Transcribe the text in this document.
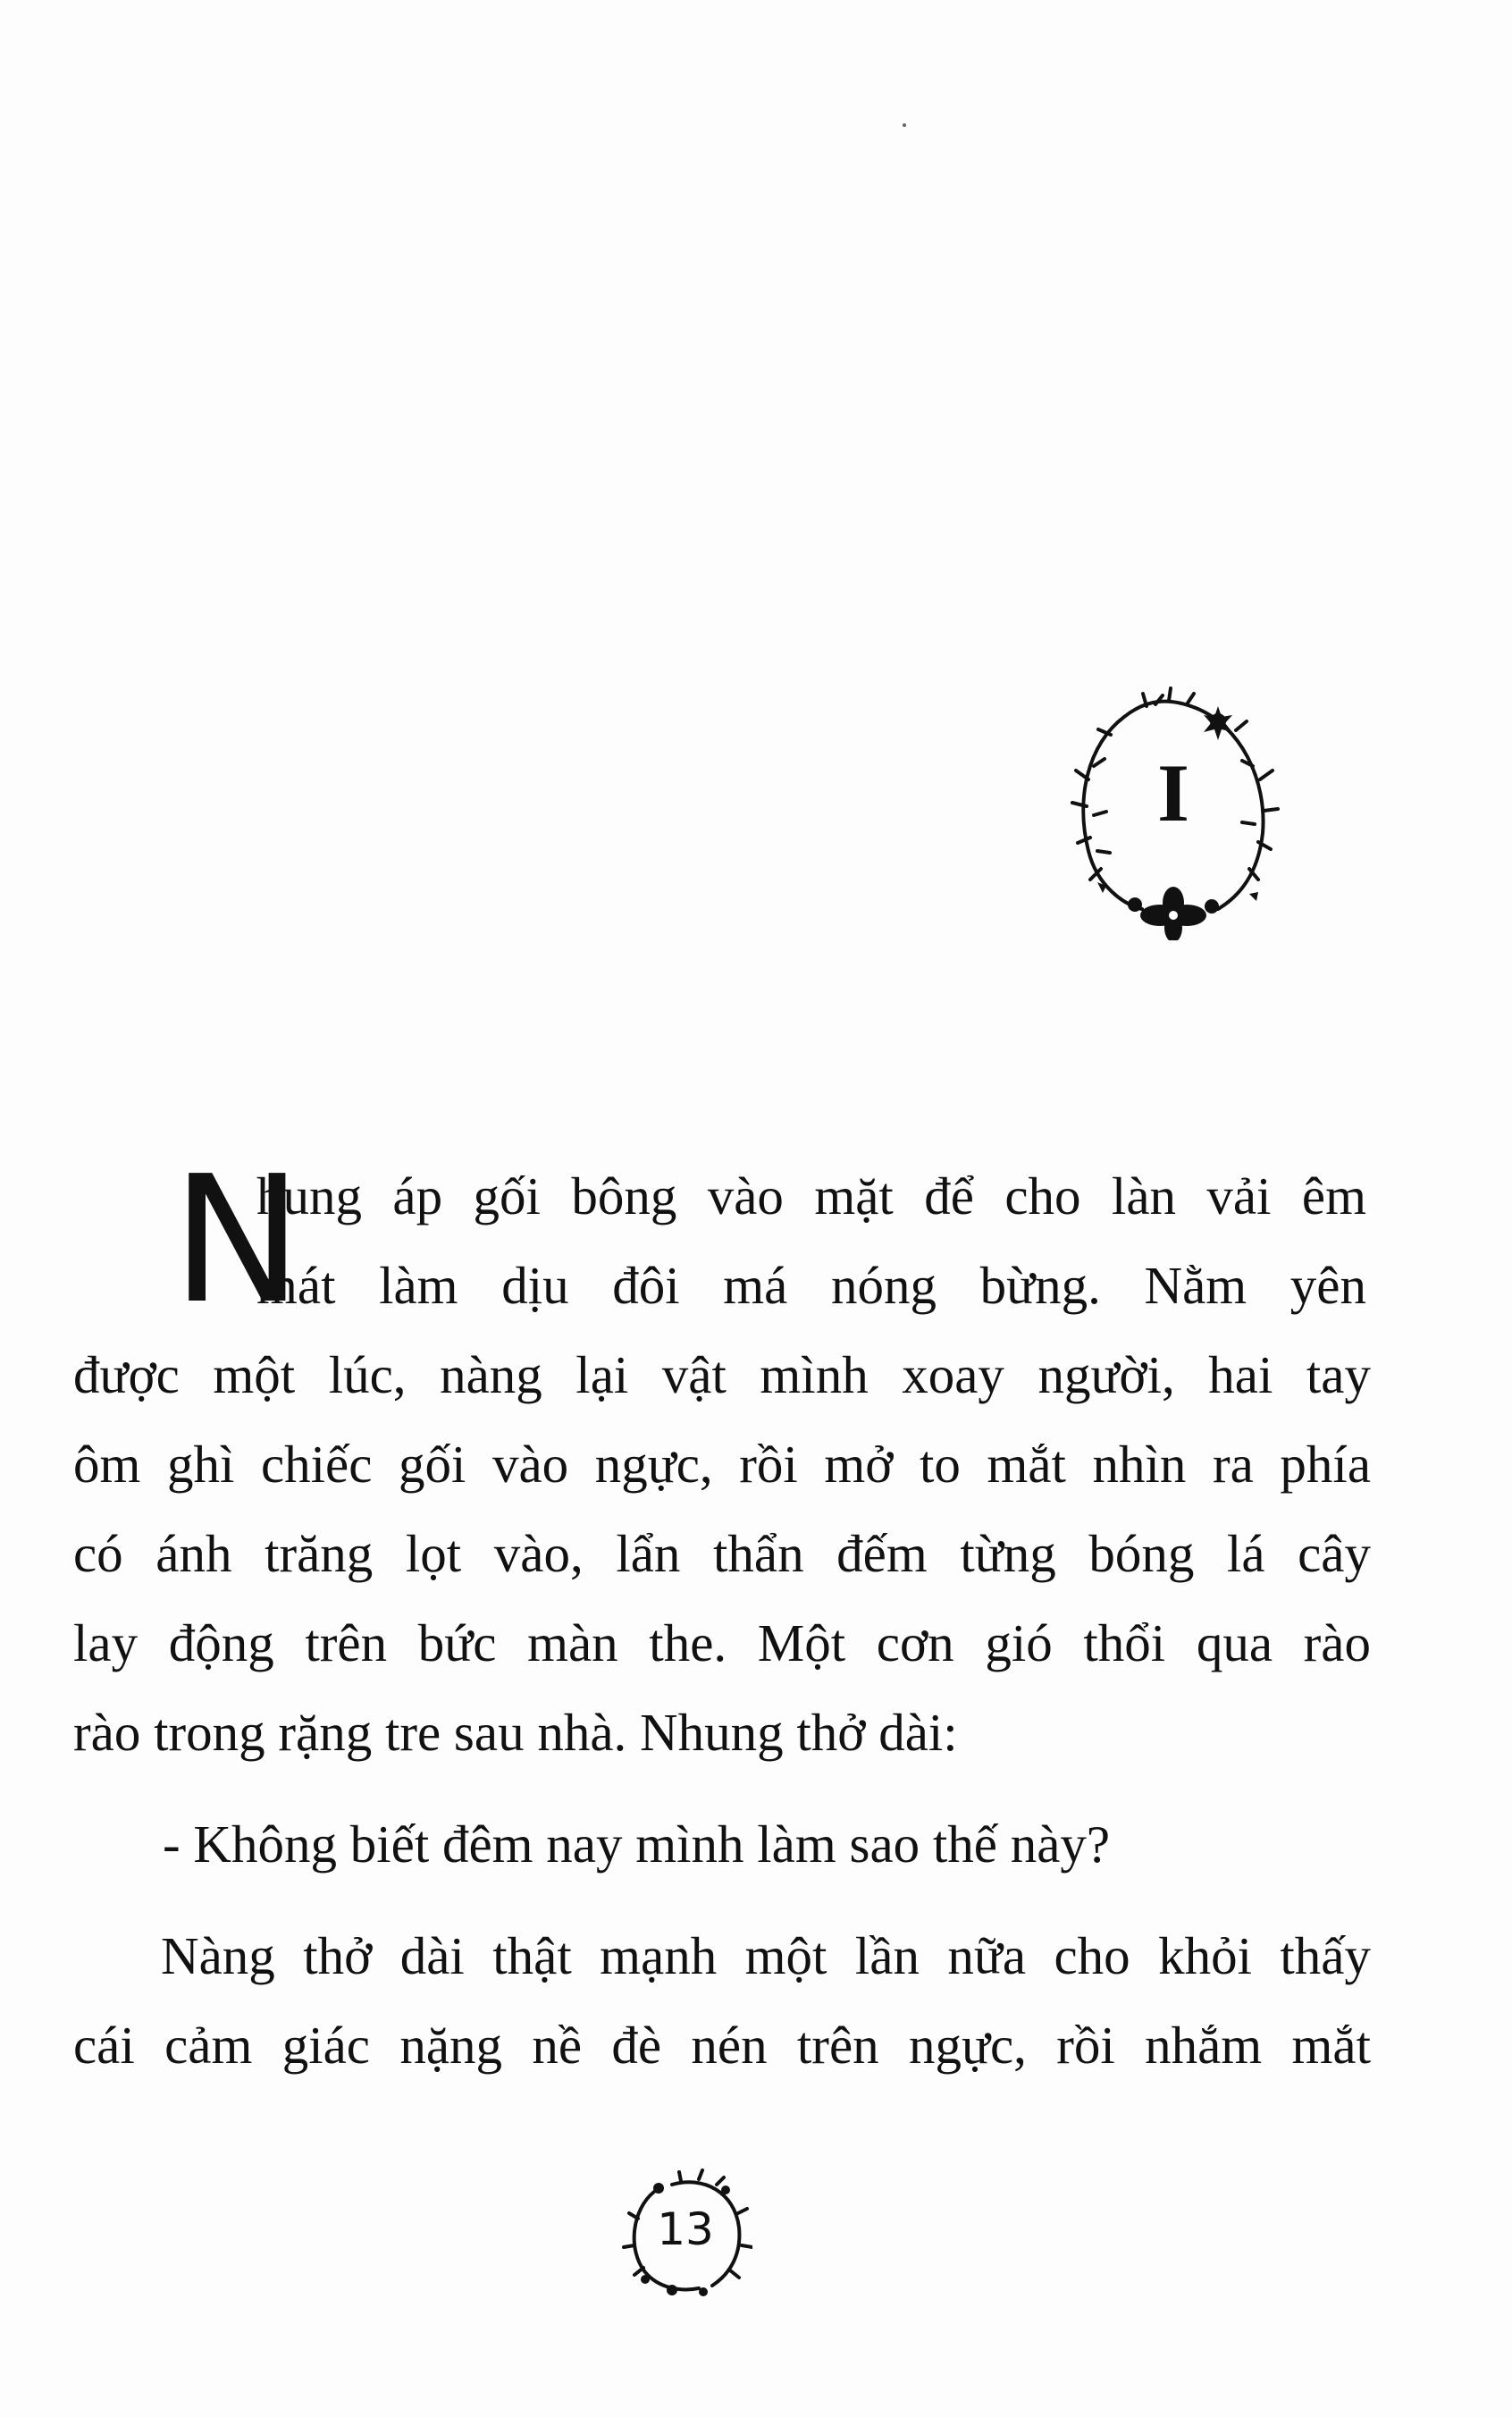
I
N
hung áp gối bông vào mặt để cho làn vải êm
mát làm dịu đôi má nóng bừng. Nằm yên
được một lúc, nàng lại vật mình xoay người, hai tay
ôm ghì chiếc gối vào ngực, rồi mở to mắt nhìn ra phía
có ánh trăng lọt vào, lẩn thẩn đếm từng bóng lá cây
lay động trên bức màn the. Một cơn gió thổi qua rào
rào trong rặng tre sau nhà. Nhung thở dài:
- Không biết đêm nay mình làm sao thế này?
Nàng thở dài thật mạnh một lần nữa cho khỏi thấy
cái cảm giác nặng nề đè nén trên ngực, rồi nhắm mắt
13
